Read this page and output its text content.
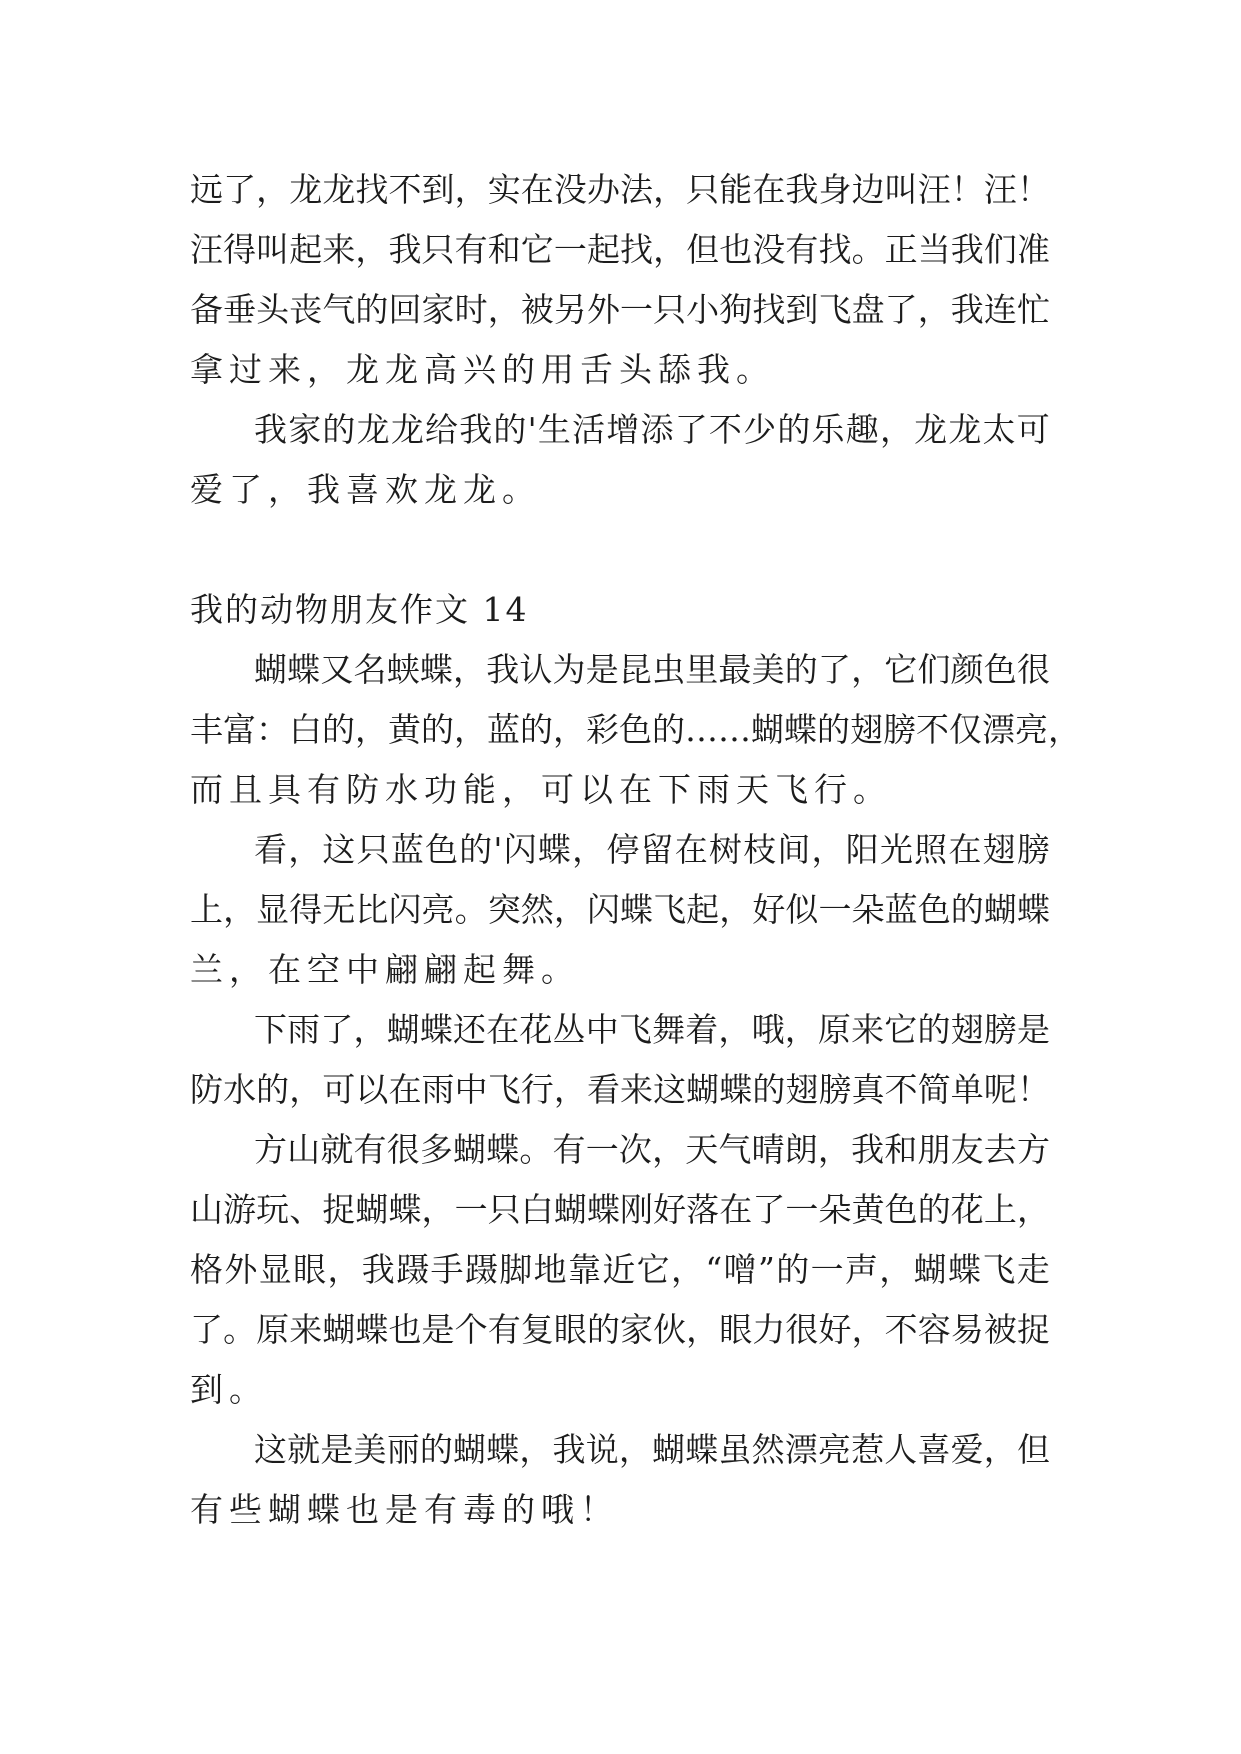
远 了 ， 龙 龙 找 不 到 ， 实 在 没 办 法 ， 只 能 在 我 身 边 叫 汪 ！ 汪 ！
汪 得 叫 起 来 ， 我 只 有 和 它 一 起 找 ， 但 也 没 有 找 。 正 当 我 们 准
备 垂 头 丧 气 的 回 家 时 ， 被 另 外 一 只 小 狗 找 到 飞 盘 了 ， 我 连 忙
拿过来，龙龙高兴的用舌头舔我。
我 家 的 龙 龙 给 我 的 ' 生 活 增 添 了 不 少 的 乐 趣 ， 龙 龙 太 可
爱了，我喜欢龙龙。
我的动物朋友作文 14
蝴 蝶 又 名 蛱 蝶 ， 我 认 为 是 昆 虫 里 最 美 的 了 ， 它 们 颜 色 很
丰 富 ： 白 的 ， 黄 的 ， 蓝 的 ， 彩 色 的 … … 蝴 蝶 的 翅 膀 不 仅 漂 亮 ，
而且具有防水功能，可以在下雨天飞行。
看 ， 这 只 蓝 色 的 ' 闪 蝶 ， 停 留 在 树 枝 间 ， 阳 光 照 在 翅 膀
上 ， 显 得 无 比 闪 亮 。 突 然 ， 闪 蝶 飞 起 ， 好 似 一 朵 蓝 色 的 蝴 蝶
兰，在空中翩翩起舞。
下 雨 了 ， 蝴 蝶 还 在 花 丛 中 飞 舞 着 ， 哦 ， 原 来 它 的 翅 膀 是
防 水 的 ， 可 以 在 雨 中 飞 行 ， 看 来 这 蝴 蝶 的 翅 膀 真 不 简 单 呢 ！
方 山 就 有 很 多 蝴 蝶 。 有 一 次 ， 天 气 晴 朗 ， 我 和 朋 友 去 方
山 游 玩 、 捉 蝴 蝶 ， 一 只 白 蝴 蝶 刚 好 落 在 了 一 朵 黄 色 的 花 上 ，
格 外 显 眼 ， 我 蹑 手 蹑 脚 地 靠 近 它 ， “ 噌 ” 的 一 声 ， 蝴 蝶 飞 走
了 。 原 来 蝴 蝶 也 是 个 有 复 眼 的 家 伙 ， 眼 力 很 好 ， 不 容 易 被 捉
到。
这 就 是 美 丽 的 蝴 蝶 ， 我 说 ， 蝴 蝶 虽 然 漂 亮 惹 人 喜 爱 ， 但
有些蝴蝶也是有毒的哦！
